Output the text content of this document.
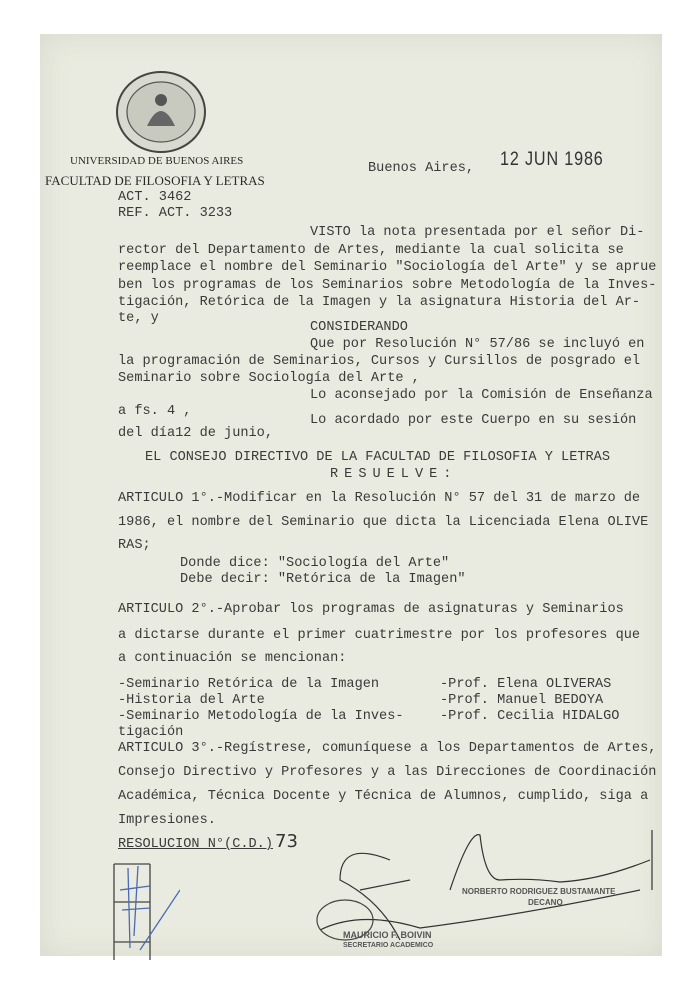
UNIVERSIDAD DE BUENOS AIRES
FACULTAD DE FILOSOFIA Y LETRAS
Buenos Aires, 12 JUN 1986
ACT. 3462
REF. ACT. 3233
VISTO la nota presentada por el señor Di-
rector del Departamento de Artes, mediante la cual solicita se
reemplace el nombre del Seminario "Sociología del Arte" y se aprue
ben los programas de los Seminarios sobre Metodología de la Inves-
tigación, Retórica de la Imagen y la asignatura Historia del Ar-
te, y
CONSIDERANDO
Que por Resolución N° 57/86 se incluyó en
la programación de Seminarios, Cursos y Cursillos de posgrado el
Seminario sobre Sociología del Arte ,
Lo aconsejado por la Comisión de Enseñanza
a fs. 4 ,
Lo acordado por este Cuerpo en su sesión
del día12 de junio,
EL CONSEJO DIRECTIVO DE LA FACULTAD DE FILOSOFIA Y LETRAS
RESUELVE:
ARTICULO 1°.-Modificar en la Resolución N° 57 del 31 de marzo de
1986, el nombre del Seminario que dicta la Licenciada Elena OLIVE
RAS;
Donde dice: "Sociología del Arte"
Debe decir: "Retórica de la Imagen"
ARTICULO 2°.-Aprobar los programas de asignaturas y Seminarios
a dictarse durante el primer cuatrimestre por los profesores que
a continuación se mencionan:
-Seminario Retórica de la Imagen	-Prof. Elena OLIVERAS
-Historia del Arte	-Prof. Manuel BEDOYA
-Seminario Metodología de la Inves-	-Prof. Cecilia HIDALGO
tigación
ARTICULO 3°.-Regístrese, comuníquese a los Departamentos de Artes,
Consejo Directivo y Profesores y a las Direcciones de Coordinación
Académica, Técnica Docente y Técnica de Alumnos, cumplido, siga a
Impresiones.
RESOLUCION N°(C.D.) 73
NORBERTO RODRIGUEZ BUSTAMANTE
DECANO
MAURICIO F. BOIVIN
SECRETARIO ACADEMICO
